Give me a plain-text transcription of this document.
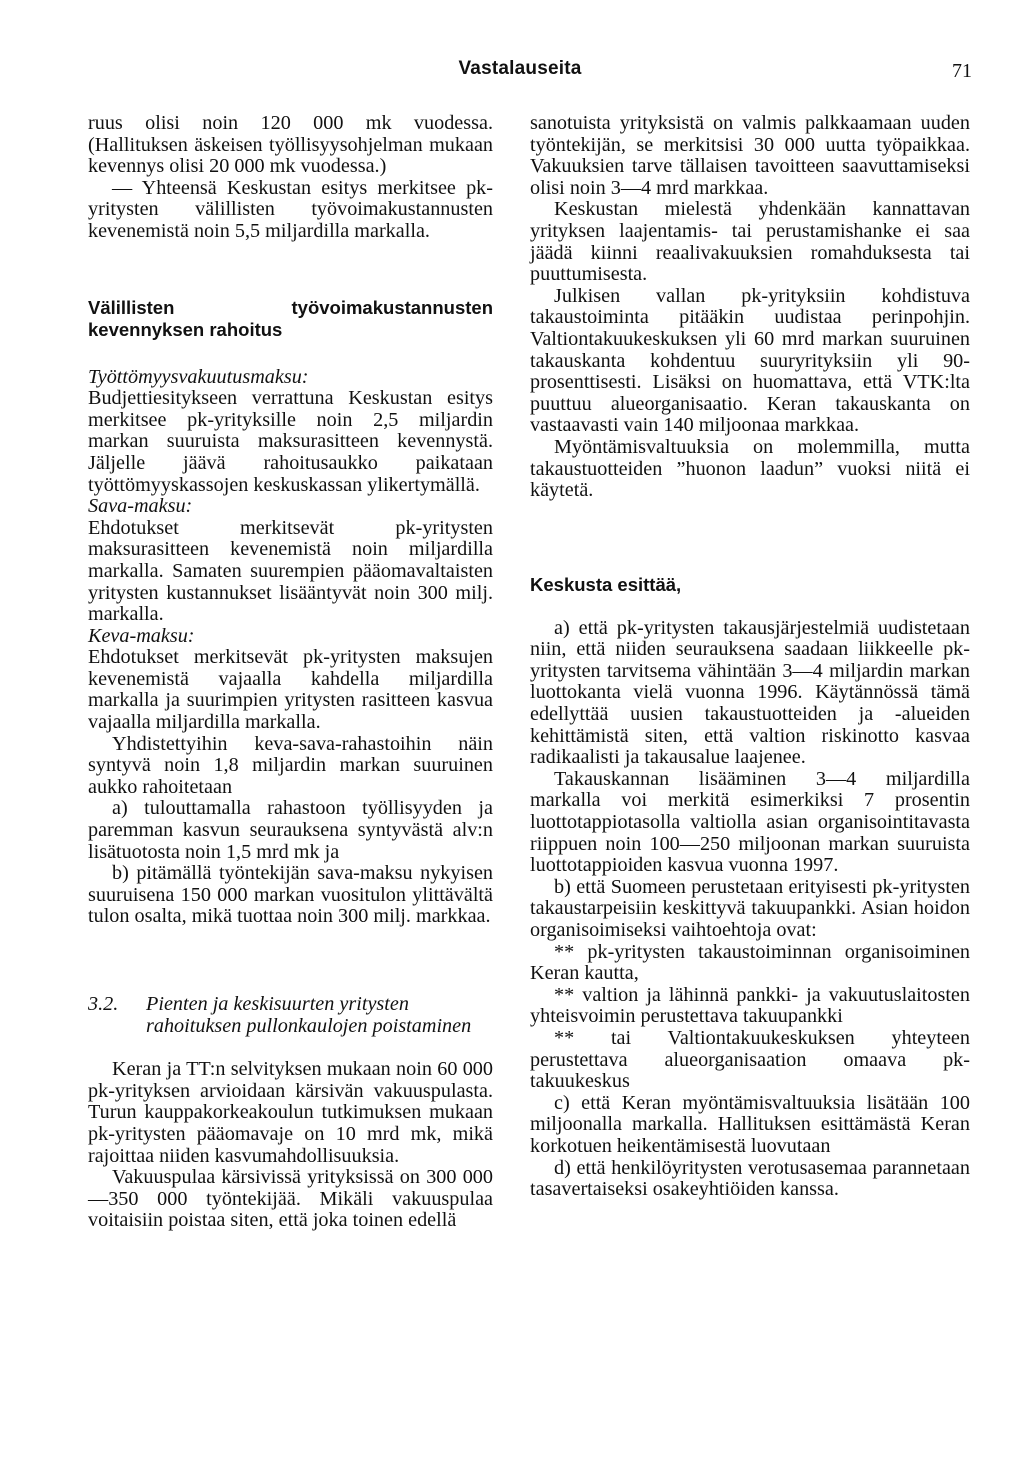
Vastalauseita	71

ruus olisi noin 120 000 mk vuodessa. (Hallituksen äskeisen työllisyysohjelman mukaan kevennys olisi 20 000 mk vuodessa.)

— Yhteensä Keskustan esitys merkitsee pk-yritysten välillisten työvoimakustannusten kevenemistä noin 5,5 miljardilla markalla.

Välillisten työvoimakustannusten kevennyksen rahoitus

Työttömyysvakuutusmaksu:

Budjettiesitykseen verrattuna Keskustan esitys merkitsee pk-yrityksille noin 2,5 miljardin markan suuruista maksurasitteen kevennystä. Jäljelle jäävä rahoitusaukko paikataan työttömyyskassojen keskuskassan ylikertymällä.

Sava-maksu:

Ehdotukset merkitsevät pk-yritysten maksurasitteen kevenemistä noin miljardilla markalla. Samaten suurempien pääomavaltaisten yritysten kustannukset lisääntyvät noin 300 milj. markalla.

Keva-maksu:

Ehdotukset merkitsevät pk-yritysten maksujen kevenemistä vajaalla kahdella miljardilla markalla ja suurimpien yritysten rasitteen kasvua vajaalla miljardilla markalla.

Yhdistettyihin keva-sava-rahastoihin näin syntyvä noin 1,8 miljardin markan suuruinen aukko rahoitetaan

a) tulouttamalla rahastoon työllisyyden ja paremman kasvun seurauksena syntyvästä alv:n lisätuotosta noin 1,5 mrd mk ja

b) pitämällä työntekijän sava-maksu nykyisen suuruisena 150 000 markan vuositulon ylittävältä tulon osalta, mikä tuottaa noin 300 milj. markkaa.

3.2. Pienten ja keskisuurten yritysten rahoituksen pullonkaulojen poistaminen

Keran ja TT:n selvityksen mukaan noin 60 000 pk-yrityksen arvioidaan kärsivän vakuuspulasta. Turun kauppakorkeakoulun tutkimuksen mukaan pk-yritysten pääomavaje on 10 mrd mk, mikä rajoittaa niiden kasvumahdollisuuksia.

Vakuuspulaa kärsivissä yrityksissä on 300 000—350 000 työntekijää. Mikäli vakuuspulaa voitaisiin poistaa siten, että joka toinen edellä

sanotuista yrityksistä on valmis palkkaamaan uuden työntekijän, se merkitsisi 30 000 uutta työpaikkaa. Vakuuksien tarve tällaisen tavoitteen saavuttamiseksi olisi noin 3—4 mrd markkaa.

Keskustan mielestä yhdenkään kannattavan yrityksen laajentamis- tai perustamishanke ei saa jäädä kiinni reaalivakuuksien romahduksesta tai puuttumisesta.

Julkisen vallan pk-yrityksiin kohdistuva takaustoiminta pitääkin uudistaa perinpohjin. Valtiontakuukeskuksen yli 60 mrd markan suuruinen takauskanta kohdentuu suuryrityksiin yli 90-prosenttisesti. Lisäksi on huomattava, että VTK:lta puuttuu alueorganisaatio. Keran takauskanta on vastaavasti vain 140 miljoonaa markkaa.

Myöntämisvaltuuksia on molemmilla, mutta takaustuotteiden ”huonon laadun” vuoksi niitä ei käytetä.

Keskusta esittää,

a) että pk-yritysten takausjärjestelmiä uudistetaan niin, että niiden seurauksena saadaan liikkeelle pk-yritysten tarvitsema vähintään 3—4 miljardin markan luottokanta vielä vuonna 1996. Käytännössä tämä edellyttää uusien takaustuotteiden ja -alueiden kehittämistä siten, että valtion riskinotto kasvaa radikaalisti ja takausalue laajenee.

Takauskannan lisääminen 3—4 miljardilla markalla voi merkitä esimerkiksi 7 prosentin luottotappiotasolla valtiolla asian organisointitavasta riippuen noin 100—250 miljoonan markan suuruista luottotappioiden kasvua vuonna 1997.

b) että Suomeen perustetaan erityisesti pk-yritysten takaustarpeisiin keskittyvä takuupankki. Asian hoidon organisoimiseksi vaihtoehtoja ovat:

** pk-yritysten takaustoiminnan organisoiminen Keran kautta,

** valtion ja lähinnä pankki- ja vakuutuslaitosten yhteisvoimin perustettava takuupankki

** tai Valtiontakuukeskuksen yhteyteen perustettava alueorganisaation omaava pk-takuukeskus

c) että Keran myöntämisvaltuuksia lisätään 100 miljoonalla markalla. Hallituksen esittämästä Keran korkotuen heikentämisestä luovutaan

d) että henkilöyritysten verotusasemaa parannetaan tasavertaiseksi osakeyhtiöiden kanssa.
